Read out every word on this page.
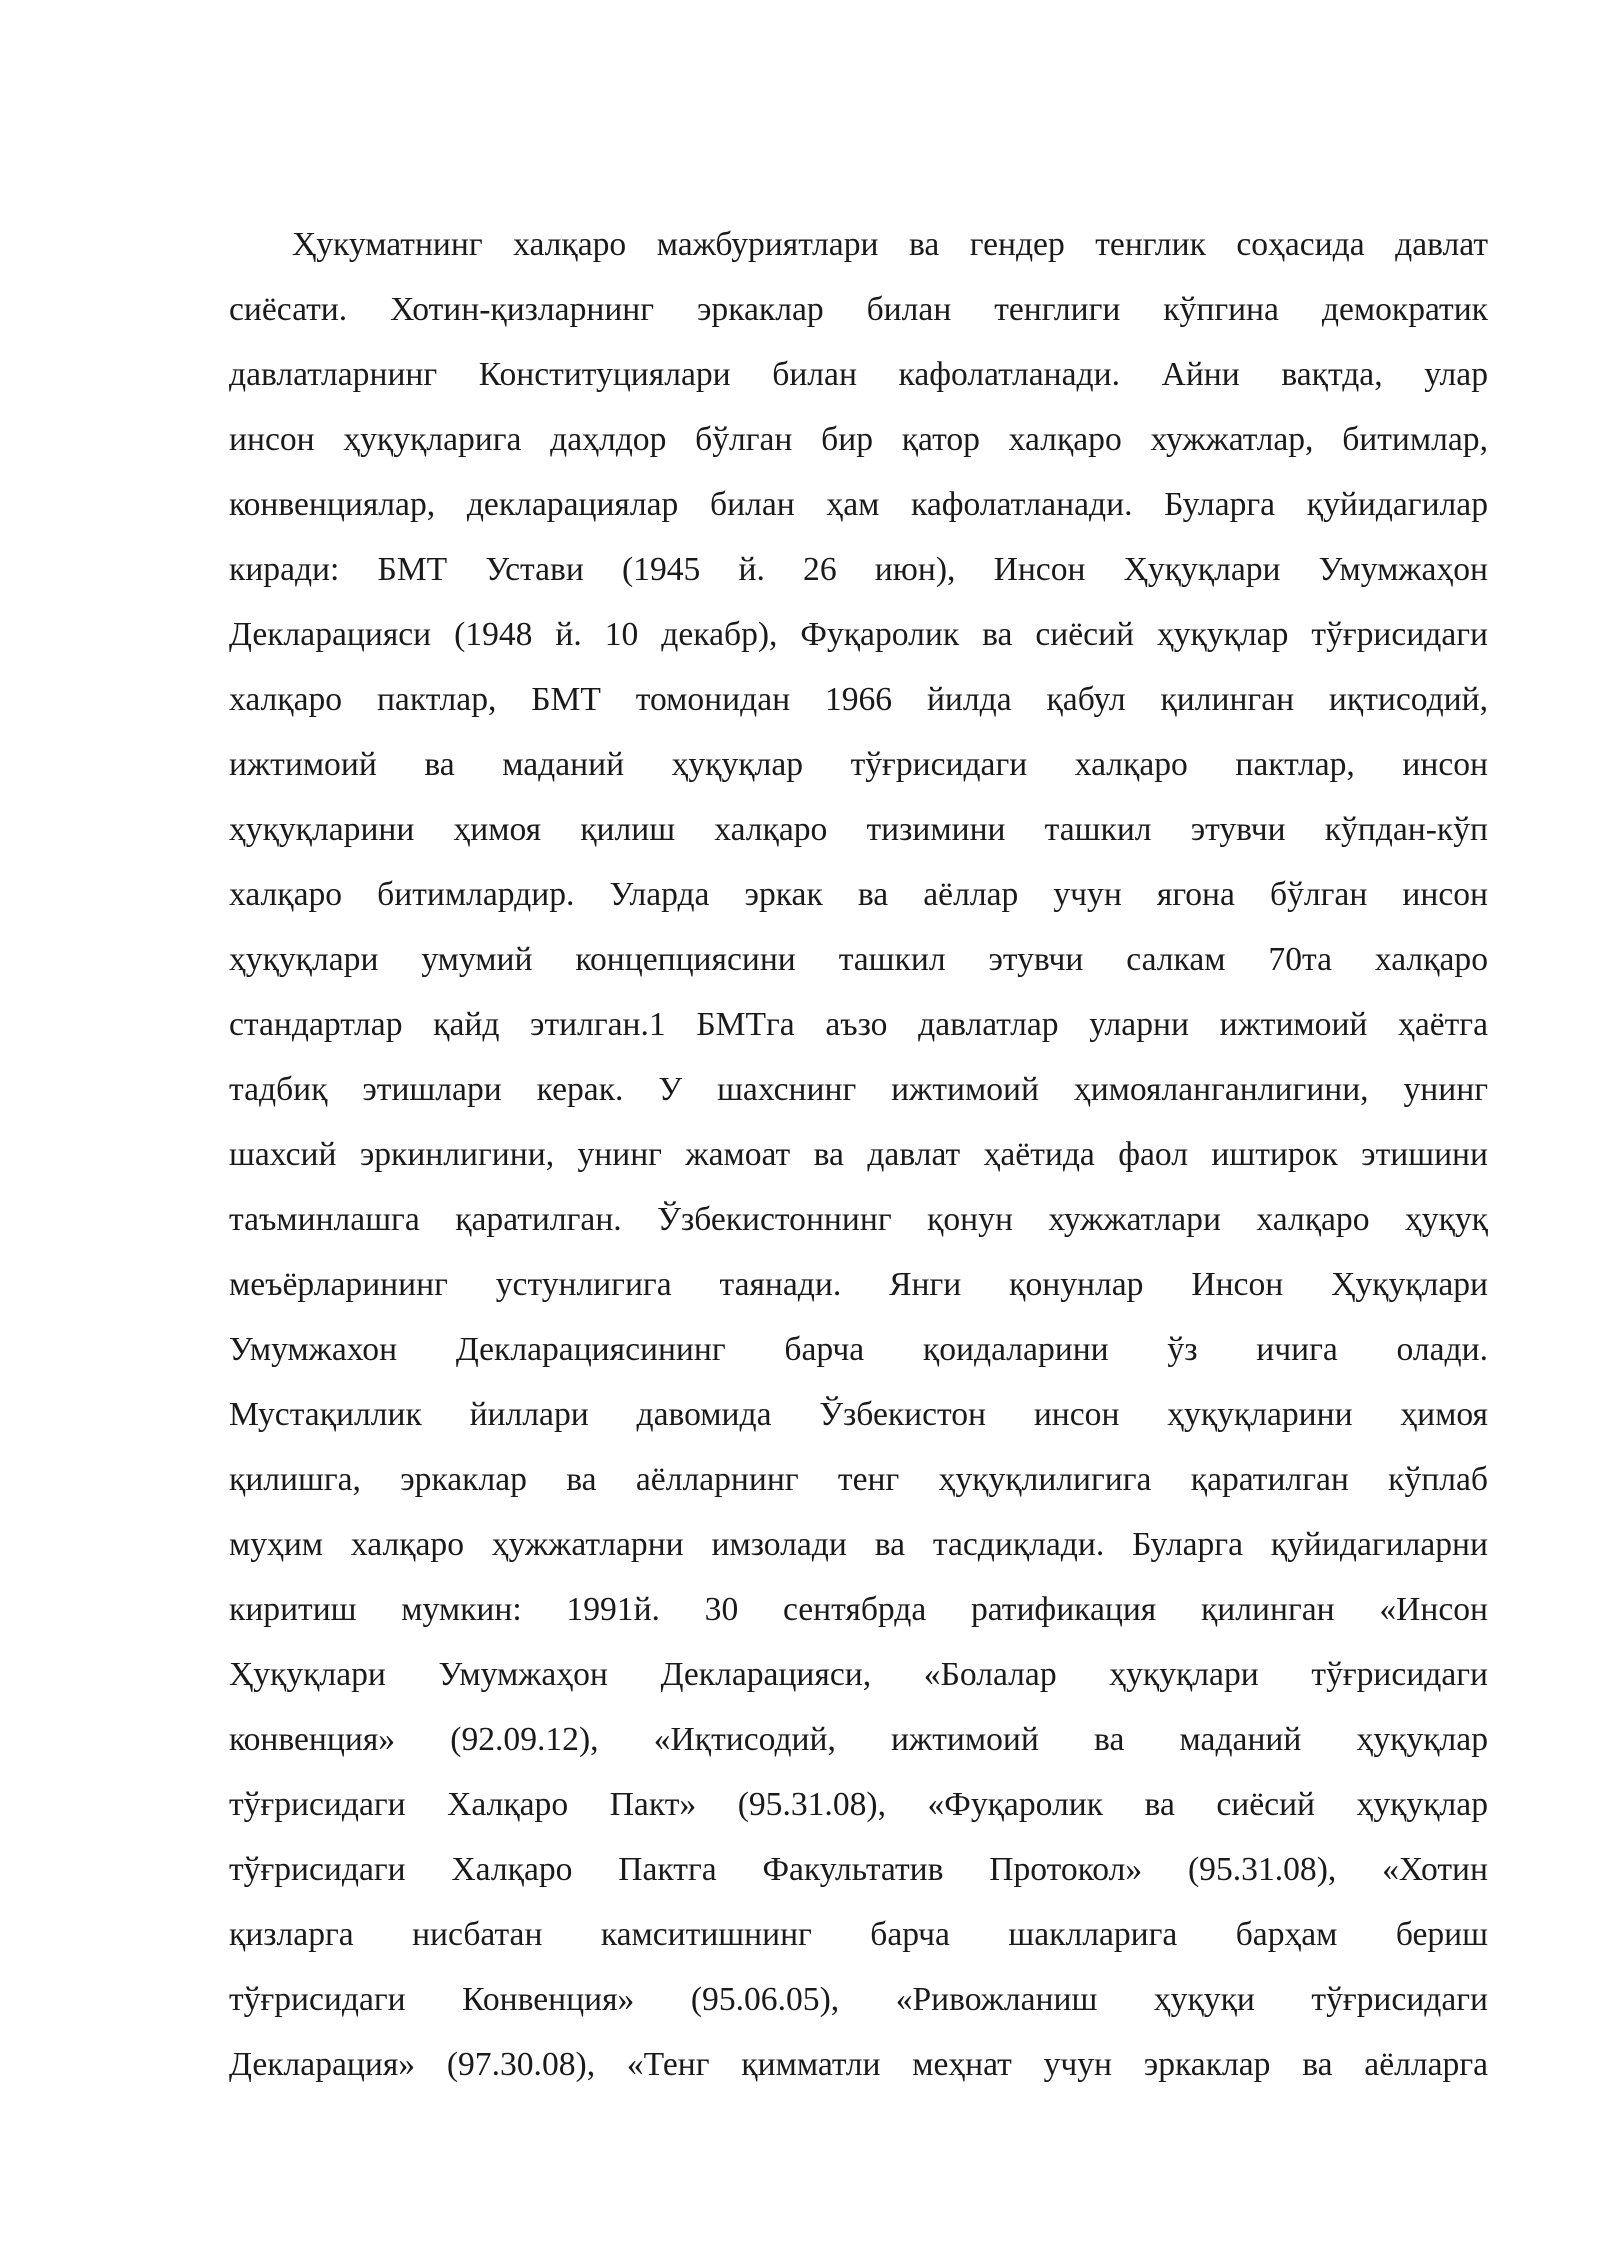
Ҳукуматнинг халқаро мажбуриятлари ва гендер тенглик соҳасида давлат
сиёсати. Хотин-қизларнинг эркаклар билан тенглиги кўпгина демократик
давлатларнинг Конституциялари билан кафолатланади. Айни вақтда, улар
инсон ҳуқуқларига даҳлдор бўлган бир қатор халқаро хужжатлар, битимлар,
конвенциялар, декларациялар билан ҳам кафолатланади. Буларга қуйидагилар
киради: БМТ Устави (1945 й. 26 июн), Инсон Ҳуқуқлари Умумжаҳон
Декларацияси (1948 й. 10 декабр), Фуқаролик ва сиёсий ҳуқуқлар тўғрисидаги
халқаро пактлар, БМТ томонидан 1966 йилда қабул қилинган иқтисодий,
ижтимоий ва маданий ҳуқуқлар тўғрисидаги халқаро пактлар, инсон
ҳуқуқларини ҳимоя қилиш халқаро тизимини ташкил этувчи кўпдан-кўп
халқаро битимлардир. Уларда эркак ва аёллар учун ягона бўлган инсон
ҳуқуқлари умумий концепциясини ташкил этувчи салкам 70та халқаро
стандартлар қайд этилган.1 БМТга аъзо давлатлар уларни ижтимоий ҳаётга
тадбиқ этишлари керак. У шахснинг ижтимоий ҳимояланганлигини, унинг
шахсий эркинлигини, унинг жамоат ва давлат ҳаётида фаол иштирок этишини
таъминлашга қаратилган. Ўзбекистоннинг қонун хужжатлари халқаро ҳуқуқ
меъёрларининг устунлигига таянади. Янги қонунлар Инсон Ҳуқуқлари
Умумжахон Декларациясининг барча қоидаларини ўз ичига олади.
Мустақиллик йиллари давомида Ўзбекистон инсон ҳуқуқларини ҳимоя
қилишга, эркаклар ва аёлларнинг тенг ҳуқуқлилигига қаратилган кўплаб
муҳим халқаро ҳужжатларни имзолади ва тасдиқлади. Буларга қуйидагиларни
киритиш мумкин: 1991й. 30 сентябрда ратификация қилинган «Инсон
Ҳуқуқлари Умумжаҳон Декларацияси, «Болалар ҳуқуқлари тўғрисидаги
конвенция» (92.09.12), «Иқтисодий, ижтимоий ва маданий ҳуқуқлар
тўғрисидаги Халқаро Пакт» (95.31.08), «Фуқаролик ва сиёсий ҳуқуқлар
тўғрисидаги Халқаро Пактга Факультатив Протокол» (95.31.08), «Хотин
қизларга нисбатан камситишнинг барча шаклларига барҳам бериш
тўғрисидаги Конвенция» (95.06.05), «Ривожланиш ҳуқуқи тўғрисидаги
Декларация» (97.30.08), «Тенг қимматли меҳнат учун эркаклар ва аёлларга
